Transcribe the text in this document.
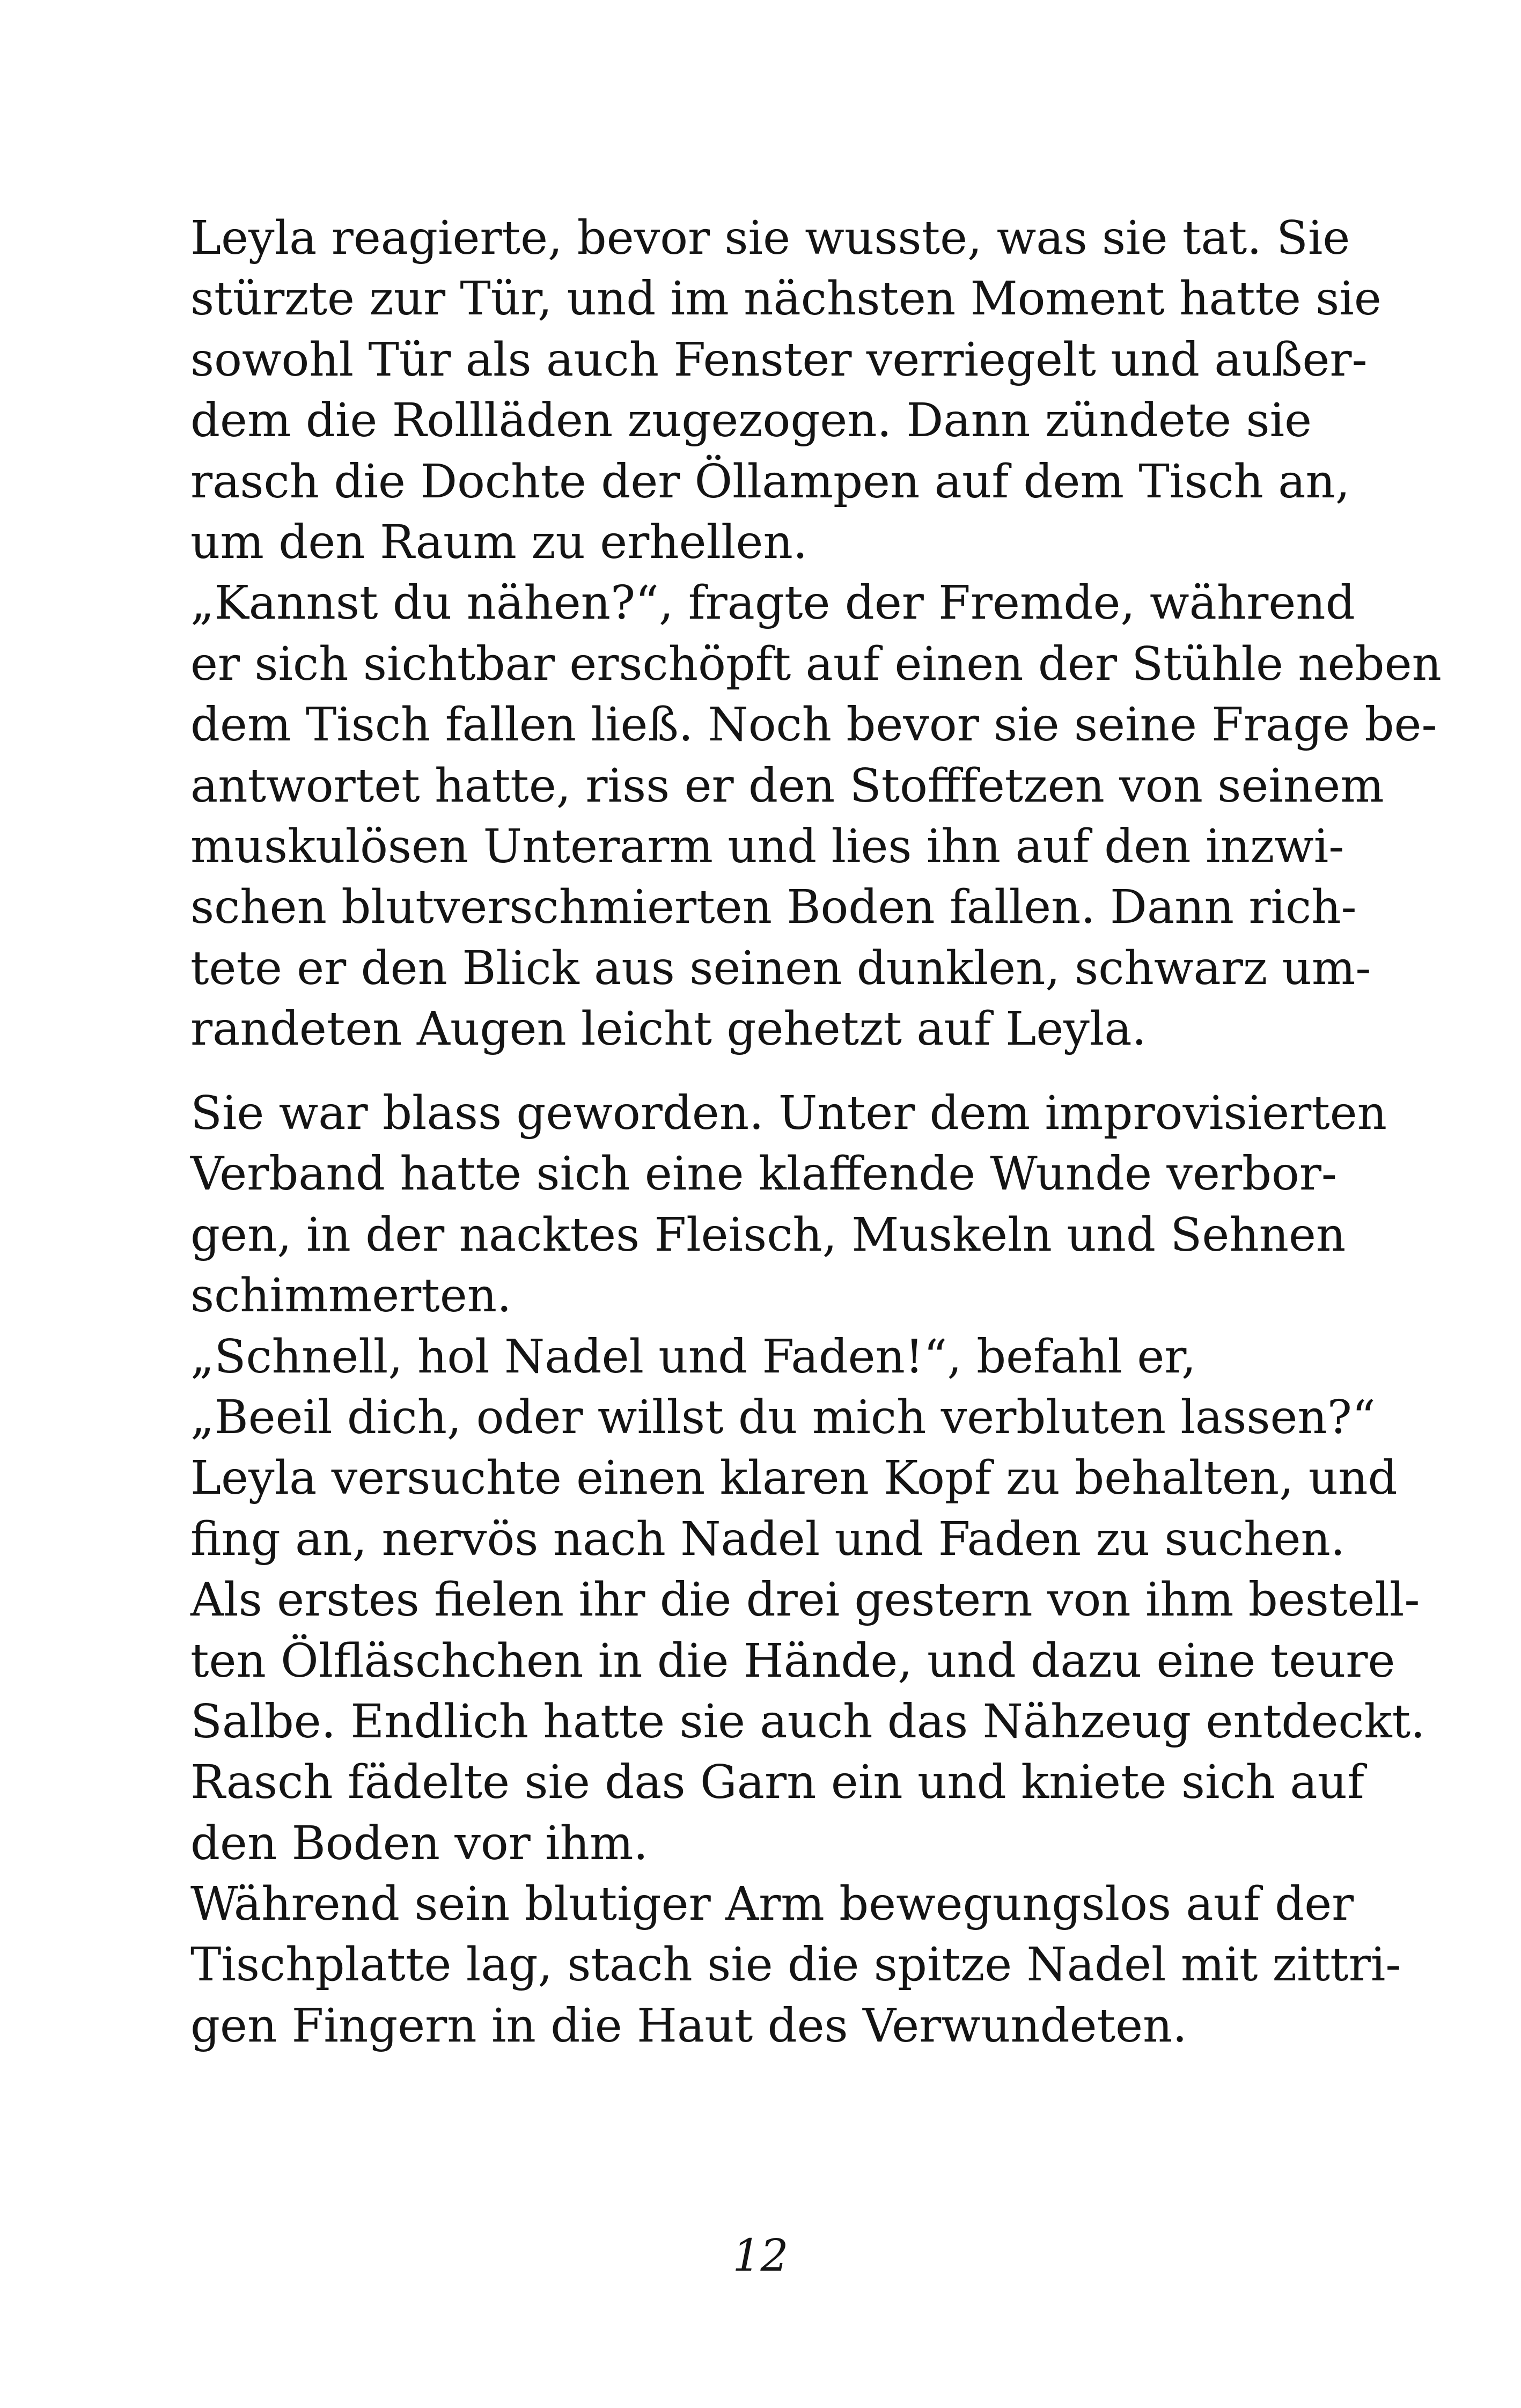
Leyla reagierte, bevor sie wusste, was sie tat. Sie
stürzte zur Tür, und im nächsten Moment hatte sie
sowohl Tür als auch Fenster verriegelt und außer-
dem die Rollläden zugezogen. Dann zündete sie
rasch die Dochte der Öllampen auf dem Tisch an,
um den Raum zu erhellen.
„Kannst du nähen?“, fragte der Fremde, während
er sich sichtbar erschöpft auf einen der Stühle neben
dem Tisch fallen ließ. Noch bevor sie seine Frage be-
antwortet hatte, riss er den Stofffetzen von seinem
muskulösen Unterarm und lies ihn auf den inzwi-
schen blutverschmierten Boden fallen. Dann rich-
tete er den Blick aus seinen dunklen, schwarz um-
randeten Augen leicht gehetzt auf Leyla.
Sie war blass geworden. Unter dem improvisierten
Verband hatte sich eine klaffende Wunde verbor-
gen, in der nacktes Fleisch, Muskeln und Sehnen
schimmerten.
„Schnell, hol Nadel und Faden!“, befahl er,
„Beeil dich, oder willst du mich verbluten lassen?“
Leyla versuchte einen klaren Kopf zu behalten, und
fing an, nervös nach Nadel und Faden zu suchen.
Als erstes fielen ihr die drei gestern von ihm bestell-
ten Ölfläschchen in die Hände, und dazu eine teure
Salbe. Endlich hatte sie auch das Nähzeug entdeckt.
Rasch fädelte sie das Garn ein und kniete sich auf
den Boden vor ihm.
Während sein blutiger Arm bewegungslos auf der
Tischplatte lag, stach sie die spitze Nadel mit zittri-
gen Fingern in die Haut des Verwundeten.
12
